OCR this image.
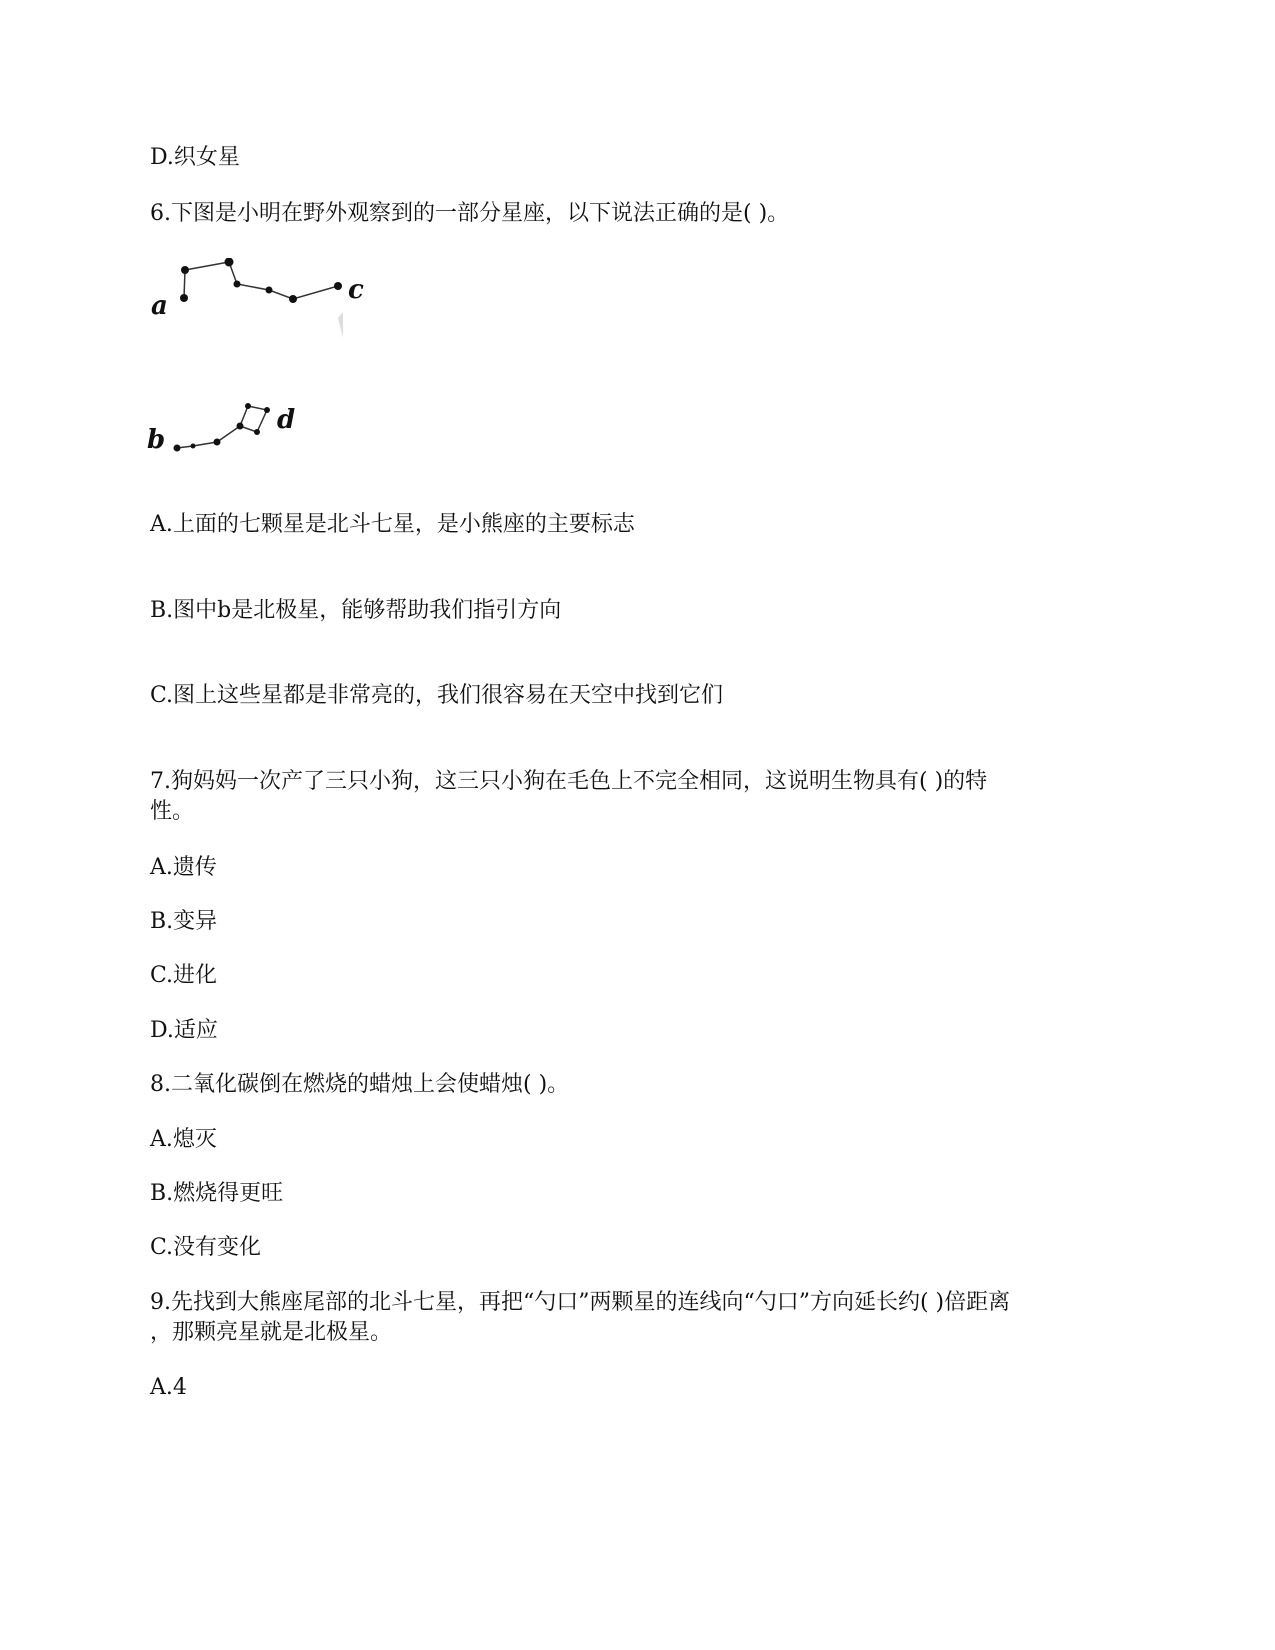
D.织女星
6.下图是小明在野外观察到的一部分星座，以下说法正确的是( )。
a
c
b
d
A.上面的七颗星是北斗七星，是小熊座的主要标志
B.图中b是北极星，能够帮助我们指引方向
C.图上这些星都是非常亮的，我们很容易在天空中找到它们
7.狗妈妈一次产了三只小狗，这三只小狗在毛色上不完全相同，这说明生物具有( )的特
性。
A.遗传
B.变异
C.进化
D.适应
8.二氧化碳倒在燃烧的蜡烛上会使蜡烛( )。
A.熄灭
B.燃烧得更旺
C.没有变化
9.先找到大熊座尾部的北斗七星，再把“勺口”两颗星的连线向“勺口”方向延长约( )倍距离
，那颗亮星就是北极星。
A.4
